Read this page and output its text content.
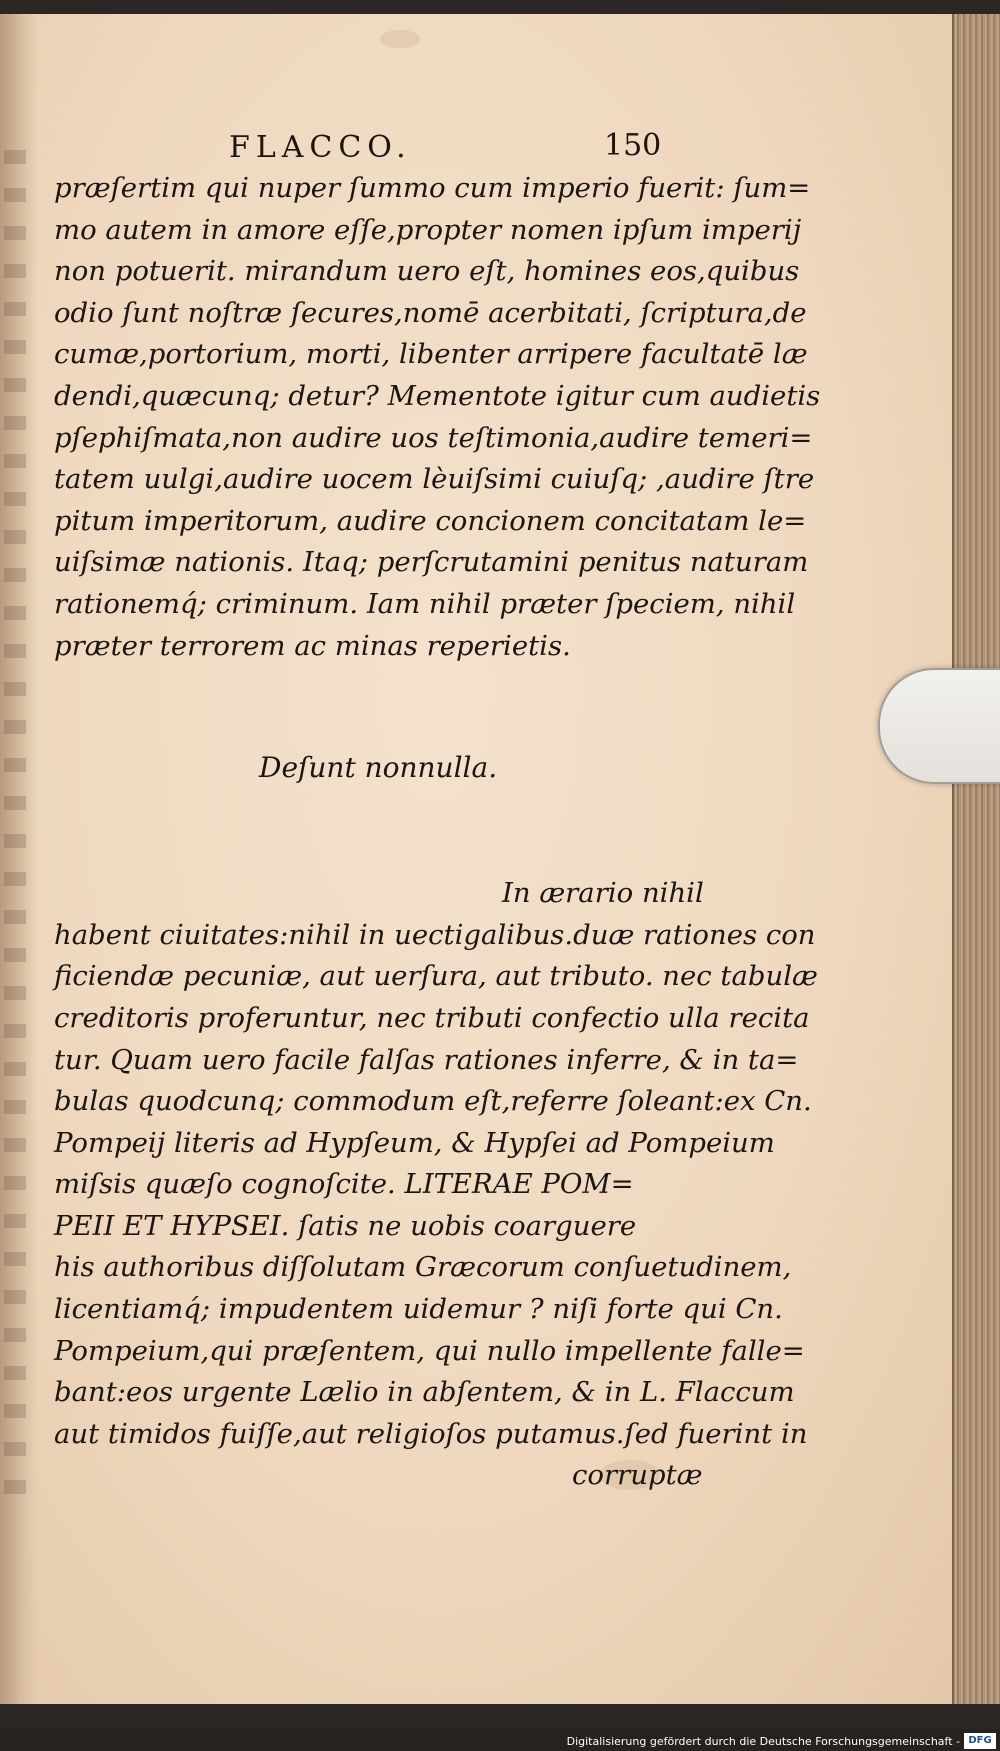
FLACCO.	150
præſertim qui nuper ſummo cum imperio fuerit: ſum=
mo autem in amore eſſe,propter nomen ipſum imperij
non potuerit. mirandum uero eſt, homines eos,quibus
odio ſunt noſtræ ſecures,nomē acerbitati, ſcriptura,de
cumæ,portorium, morti, libenter arripere facultatē læ
dendi,quæcunq; detur? Mementote igitur cum audietis
pſephiſmata,non audire uos teſtimonia,audire temeri=
tatem uulgi,audire uocem lèuiſsimi cuiuſq; ,audire ſtre
pitum imperitorum, audire concionem concitatam le=
uiſsimæ nationis. Itaq; perſcrutamini penitus naturam
rationemq́; criminum. Iam nihil præter ſpeciem, nihil
præter terrorem ac minas reperietis.
Deſunt nonnulla.
In ærario nihil
habent ciuitates:nihil in uectigalibus.duæ rationes con
ficiendæ pecuniæ, aut uerſura, aut tributo. nec tabulæ
creditoris proferuntur, nec tributi confectio ulla recita
tur. Quam uero facile falſas rationes inferre, & in ta=
bulas quodcunq; commodum eſt,referre ſoleant:ex Cn.
Pompeij literis ad Hypſeum, & Hypſei ad Pompeium
miſsis quæſo cognoſcite. LITERAE POM=
PEII ET HYPSEI. ſatis ne uobis coarguere
his authoribus diſſolutam Græcorum conſuetudinem,
licentiamq́; impudentem uidemur ? niſi forte qui Cn.
Pompeium,qui præſentem, qui nullo impellente falle=
bant:eos urgente Lælio in abſentem, & in L. Flaccum
aut timidos fuiſſe,aut religioſos putamus.ſed fuerint in
corruptæ
Digitalisierung gefördert durch die Deutsche Forschungsgemeinschaft - DFG
